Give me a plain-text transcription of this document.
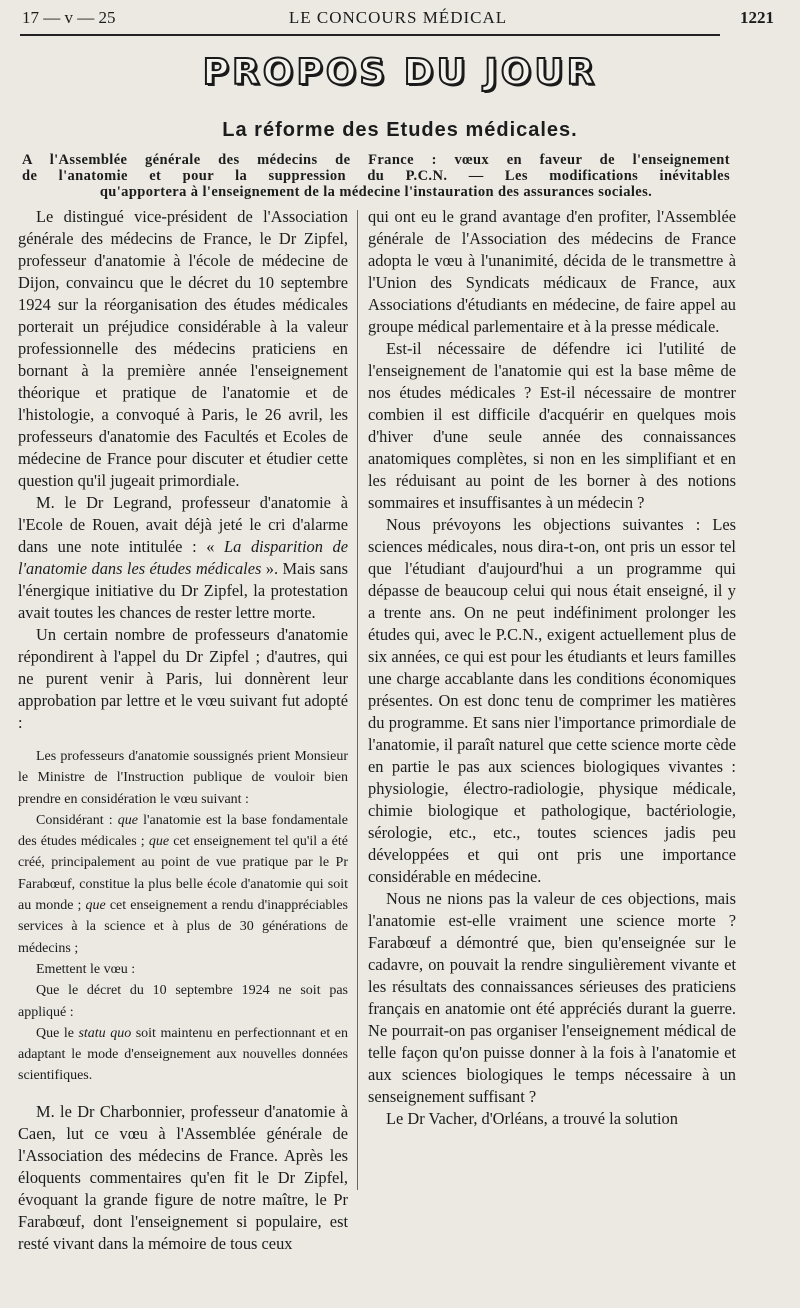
17 — v — 25	LE CONCOURS MÉDICAL	1221
PROPOS DU JOUR
La réforme des Etudes médicales.
A l'Assemblée générale des médecins de France : vœux en faveur de l'enseignement
de l'anatomie et pour la suppression du P.C.N. — Les modifications inévitables
qu'apportera à l'enseignement de la médecine l'instauration des assurances sociales.

Le distingué vice-président de l'Association générale des médecins de France, le Dr Zipfel, professeur d'anatomie à l'école de médecine de Dijon, convaincu que le décret du 10 septembre 1924 sur la réorganisation des études médicales porterait un préjudice considérable à la valeur professionnelle des médecins praticiens en bornant à la première année l'enseignement théorique et pratique de l'anatomie et de l'histologie, a convoqué à Paris, le 26 avril, les professeurs d'anatomie des Facultés et Ecoles de médecine de France pour discuter et étudier cette question qu'il jugeait primordiale.

M. le Dr Legrand, professeur d'anatomie à l'Ecole de Rouen, avait déjà jeté le cri d'alarme dans une note intitulée : « La disparition de l'anatomie dans les études médicales ». Mais sans l'énergique initiative du Dr Zipfel, la protestation avait toutes les chances de rester lettre morte.

Un certain nombre de professeurs d'anatomie répondirent à l'appel du Dr Zipfel ; d'autres, qui ne purent venir à Paris, lui donnèrent leur approbation par lettre et le vœu suivant fut adopté :

Les professeurs d'anatomie soussignés prient Monsieur le Ministre de l'Instruction publique de vouloir bien prendre en considération le vœu suivant :

Considérant : que l'anatomie est la base fondamentale des études médicales ; que cet enseignement tel qu'il a été créé, principalement au point de vue pratique par le Pr Farabœuf, constitue la plus belle école d'anatomie qui soit au monde ; que cet enseignement a rendu d'inappréciables services à la science et à plus de 30 générations de médecins ;

Emettent le vœu :

Que le décret du 10 septembre 1924 ne soit pas appliqué :

Que le statu quo soit maintenu en perfectionnant et en adaptant le mode d'enseignement aux nouvelles données scientifiques.

M. le Dr Charbonnier, professeur d'anatomie à Caen, lut ce vœu à l'Assemblée générale de l'Association des médecins de France. Après les éloquents commentaires qu'en fit le Dr Zipfel, évoquant la grande figure de notre maître, le Pr Farabœuf, dont l'enseignement si populaire, est resté vivant dans la mémoire de tous ceux

qui ont eu le grand avantage d'en profiter, l'Assemblée générale de l'Association des médecins de France adopta le vœu à l'unanimité, décida de le transmettre à l'Union des Syndicats médicaux de France, aux Associations d'étudiants en médecine, de faire appel au groupe médical parlementaire et à la presse médicale.

Est-il nécessaire de défendre ici l'utilité de l'enseignement de l'anatomie qui est la base même de nos études médicales ? Est-il nécessaire de montrer combien il est difficile d'acquérir en quelques mois d'hiver d'une seule année des connaissances anatomiques complètes, si non en les simplifiant et en les réduisant au point de les borner à des notions sommaires et insuffisantes à un médecin ?

Nous prévoyons les objections suivantes : Les sciences médicales, nous dira-t-on, ont pris un essor tel que l'étudiant d'aujourd'hui a un programme qui dépasse de beaucoup celui qui nous était enseigné, il y a trente ans. On ne peut indéfiniment prolonger les études qui, avec le P.C.N., exigent actuellement plus de six années, ce qui est pour les étudiants et leurs familles une charge accablante dans les conditions économiques présentes. On est donc tenu de comprimer les matières du programme. Et sans nier l'importance primordiale de l'anatomie, il paraît naturel que cette science morte cède en partie le pas aux sciences biologiques vivantes : physiologie, électro-radiologie, physique médicale, chimie biologique et pathologique, bactériologie, sérologie, etc., etc., toutes sciences jadis peu développées et qui ont pris une importance considérable en médecine.

Nous ne nions pas la valeur de ces objections, mais l'anatomie est-elle vraiment une science morte ? Farabœuf a démontré que, bien qu'enseignée sur le cadavre, on pouvait la rendre singulièrement vivante et les résultats des connaissances sérieuses des praticiens français en anatomie ont été appréciés durant la guerre. Ne pourrait-on pas organiser l'enseignement médical de telle façon qu'on puisse donner à la fois à l'anatomie et aux sciences biologiques le temps nécessaire à un senseignement suffisant ?

Le Dr Vacher, d'Orléans, a trouvé la solution
